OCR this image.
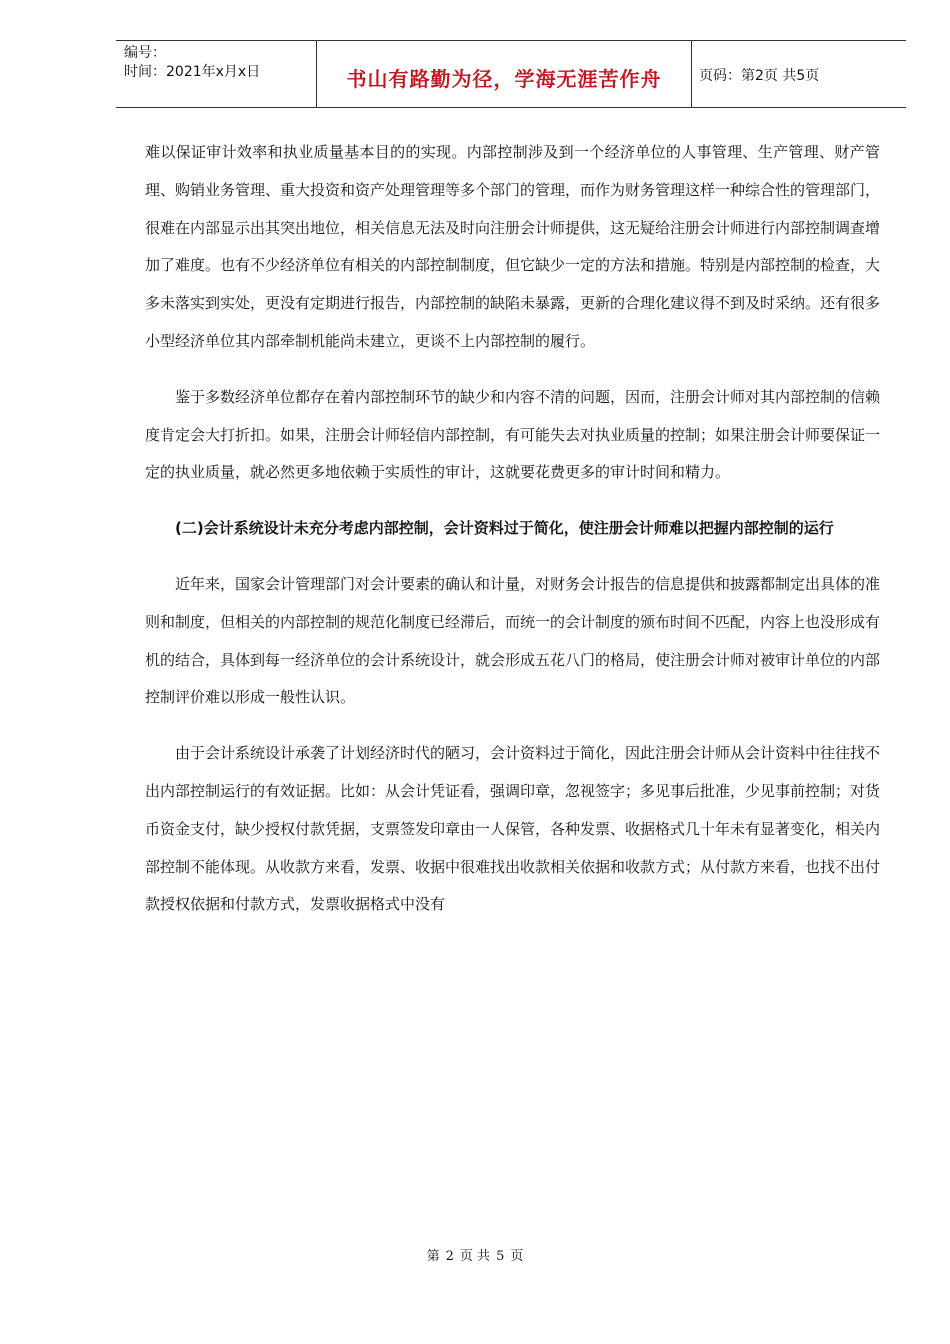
编号：
时间：2021年x月x日	书山有路勤为径，学海无涯苦作舟	页码：第2页 共5页

难以保证审计效率和执业质量基本目的的实现。内部控制涉及到一个经济单位的人事管理、生产管理、财产管理、购销业务管理、重大投资和资产处理管理等多个部门的管理，而作为财务管理这样一种综合性的管理部门，很难在内部显示出其突出地位，相关信息无法及时向注册会计师提供，这无疑给注册会计师进行内部控制调查增加了难度。也有不少经济单位有相关的内部控制制度，但它缺少一定的方法和措施。特别是内部控制的检查，大多未落实到实处，更没有定期进行报告，内部控制的缺陷未暴露，更新的合理化建议得不到及时采纳。还有很多小型经济单位其内部牵制机能尚未建立，更谈不上内部控制的履行。

鉴于多数经济单位都存在着内部控制环节的缺少和内容不清的问题，因而，注册会计师对其内部控制的信赖度肯定会大打折扣。如果，注册会计师轻信内部控制，有可能失去对执业质量的控制；如果注册会计师要保证一定的执业质量，就必然更多地依赖于实质性的审计，这就要花费更多的审计时间和精力。

(二)会计系统设计未充分考虑内部控制，会计资料过于简化，使注册会计师难以把握内部控制的运行

近年来，国家会计管理部门对会计要素的确认和计量，对财务会计报告的信息提供和披露都制定出具体的准则和制度，但相关的内部控制的规范化制度已经滞后，而统一的会计制度的颁布时间不匹配，内容上也没形成有机的结合，具体到每一经济单位的会计系统设计，就会形成五花八门的格局，使注册会计师对被审计单位的内部控制评价难以形成一般性认识。

由于会计系统设计承袭了计划经济时代的陋习，会计资料过于简化，因此注册会计师从会计资料中往往找不出内部控制运行的有效证据。比如：从会计凭证看，强调印章，忽视签字；多见事后批准，少见事前控制；对货币资金支付，缺少授权付款凭据，支票签发印章由一人保管，各种发票、收据格式几十年未有显著变化，相关内部控制不能体现。从收款方来看，发票、收据中很难找出收款相关依据和收款方式；从付款方来看，也找不出付款授权依据和付款方式，发票收据格式中没有

第 2 页 共 5 页
